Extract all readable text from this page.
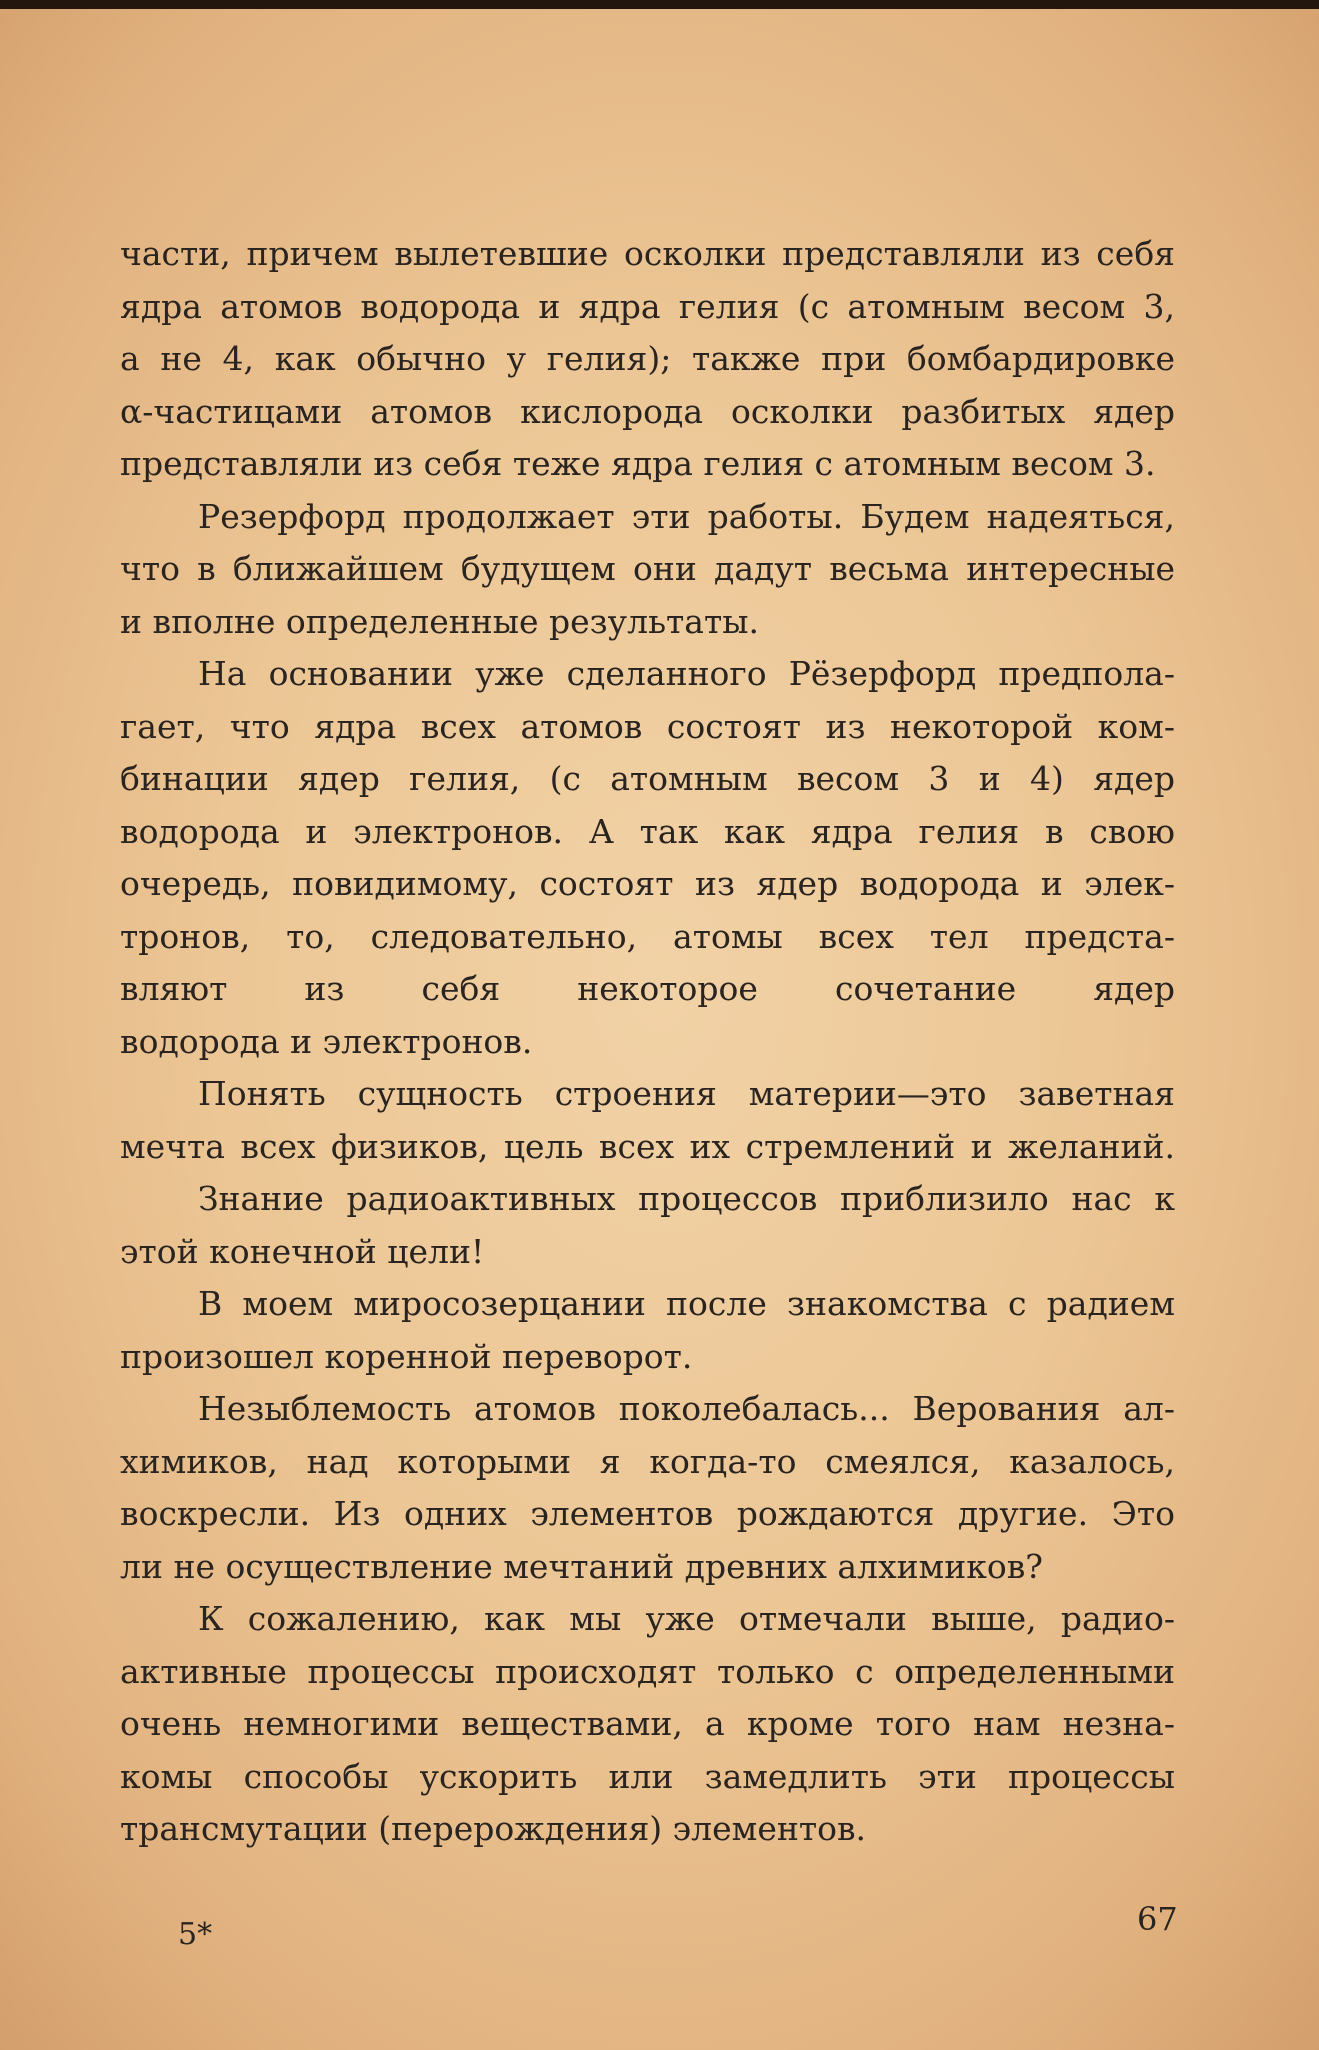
части, причем вылетевшие осколки представляли из себя
ядра атомов водорода и ядра гелия (с атомным весом 3,
а не 4, как обычно у гелия); также при бомбардировке
α-частицами атомов кислорода осколки разбитых ядер
представляли из себя теже ядра гелия с атомным весом 3.
Резерфорд продолжает эти работы. Будем надеяться,
что в ближайшем будущем они дадут весьма интересные
и вполне определенные результаты.
На основании уже сделанного Рёзерфорд предпола-
гает, что ядра всех атомов состоят из некоторой ком-
бинации ядер гелия, (с атомным весом 3 и 4) ядер
водорода и электронов. А так как ядра гелия в свою
очередь, повидимому, состоят из ядер водорода и элек-
тронов, то, следовательно, атомы всех тел предста-
вляют из себя некоторое сочетание ядер
водорода и электронов.
Понять сущность строения материи—это заветная
мечта всех физиков, цель всех их стремлений и желаний.
Знание радиоактивных процессов приблизило нас к
этой конечной цели!
В моем миросозерцании после знакомства с радием
произошел коренной переворот.
Незыблемость атомов поколебалась... Верования ал-
химиков, над которыми я когда-то смеялся, казалось,
воскресли. Из одних элементов рождаются другие. Это
ли не осуществление мечтаний древних алхимиков?
К сожалению, как мы уже отмечали выше, радио-
активные процессы происходят только с определенными
очень немногими веществами, а кроме того нам незна-
комы способы ускорить или замедлить эти процессы
трансмутации (перерождения) элементов.
5*	67
